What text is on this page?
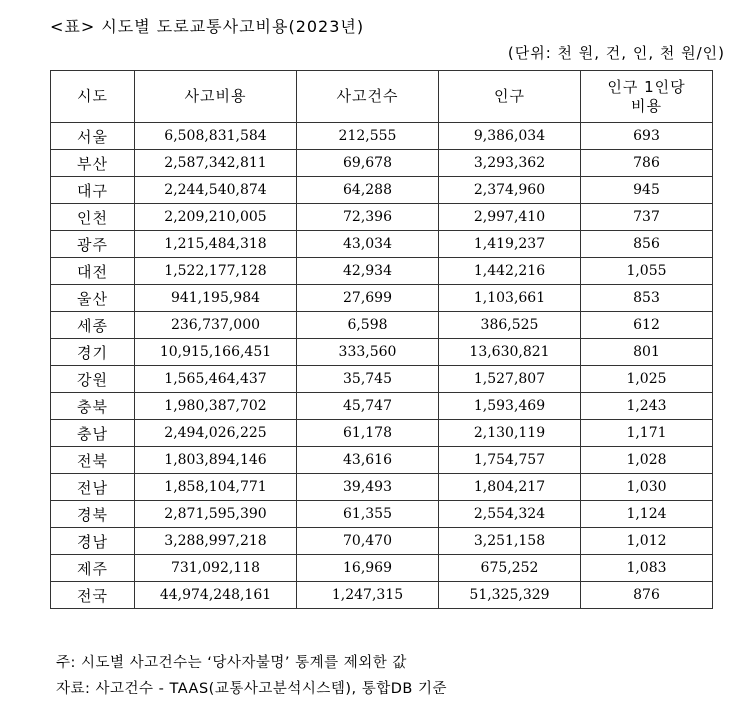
<표> 시도별 도로교통사고비용(2023년)
(단위: 천 원, 건, 인, 천 원/인)
시도	사고비용	사고건수	인구	인구 1인당 비용
서울	6,508,831,584	212,555	9,386,034	693
부산	2,587,342,811	69,678	3,293,362	786
대구	2,244,540,874	64,288	2,374,960	945
인천	2,209,210,005	72,396	2,997,410	737
광주	1,215,484,318	43,034	1,419,237	856
대전	1,522,177,128	42,934	1,442,216	1,055
울산	941,195,984	27,699	1,103,661	853
세종	236,737,000	6,598	386,525	612
경기	10,915,166,451	333,560	13,630,821	801
강원	1,565,464,437	35,745	1,527,807	1,025
충북	1,980,387,702	45,747	1,593,469	1,243
충남	2,494,026,225	61,178	2,130,119	1,171
전북	1,803,894,146	43,616	1,754,757	1,028
전남	1,858,104,771	39,493	1,804,217	1,030
경북	2,871,595,390	61,355	2,554,324	1,124
경남	3,288,997,218	70,470	3,251,158	1,012
제주	731,092,118	16,969	675,252	1,083
전국	44,974,248,161	1,247,315	51,325,329	876
주: 시도별 사고건수는 ‘당사자불명’ 통계를 제외한 값
자료: 사고건수 - TAAS(교통사고분석시스템), 통합DB 기준
